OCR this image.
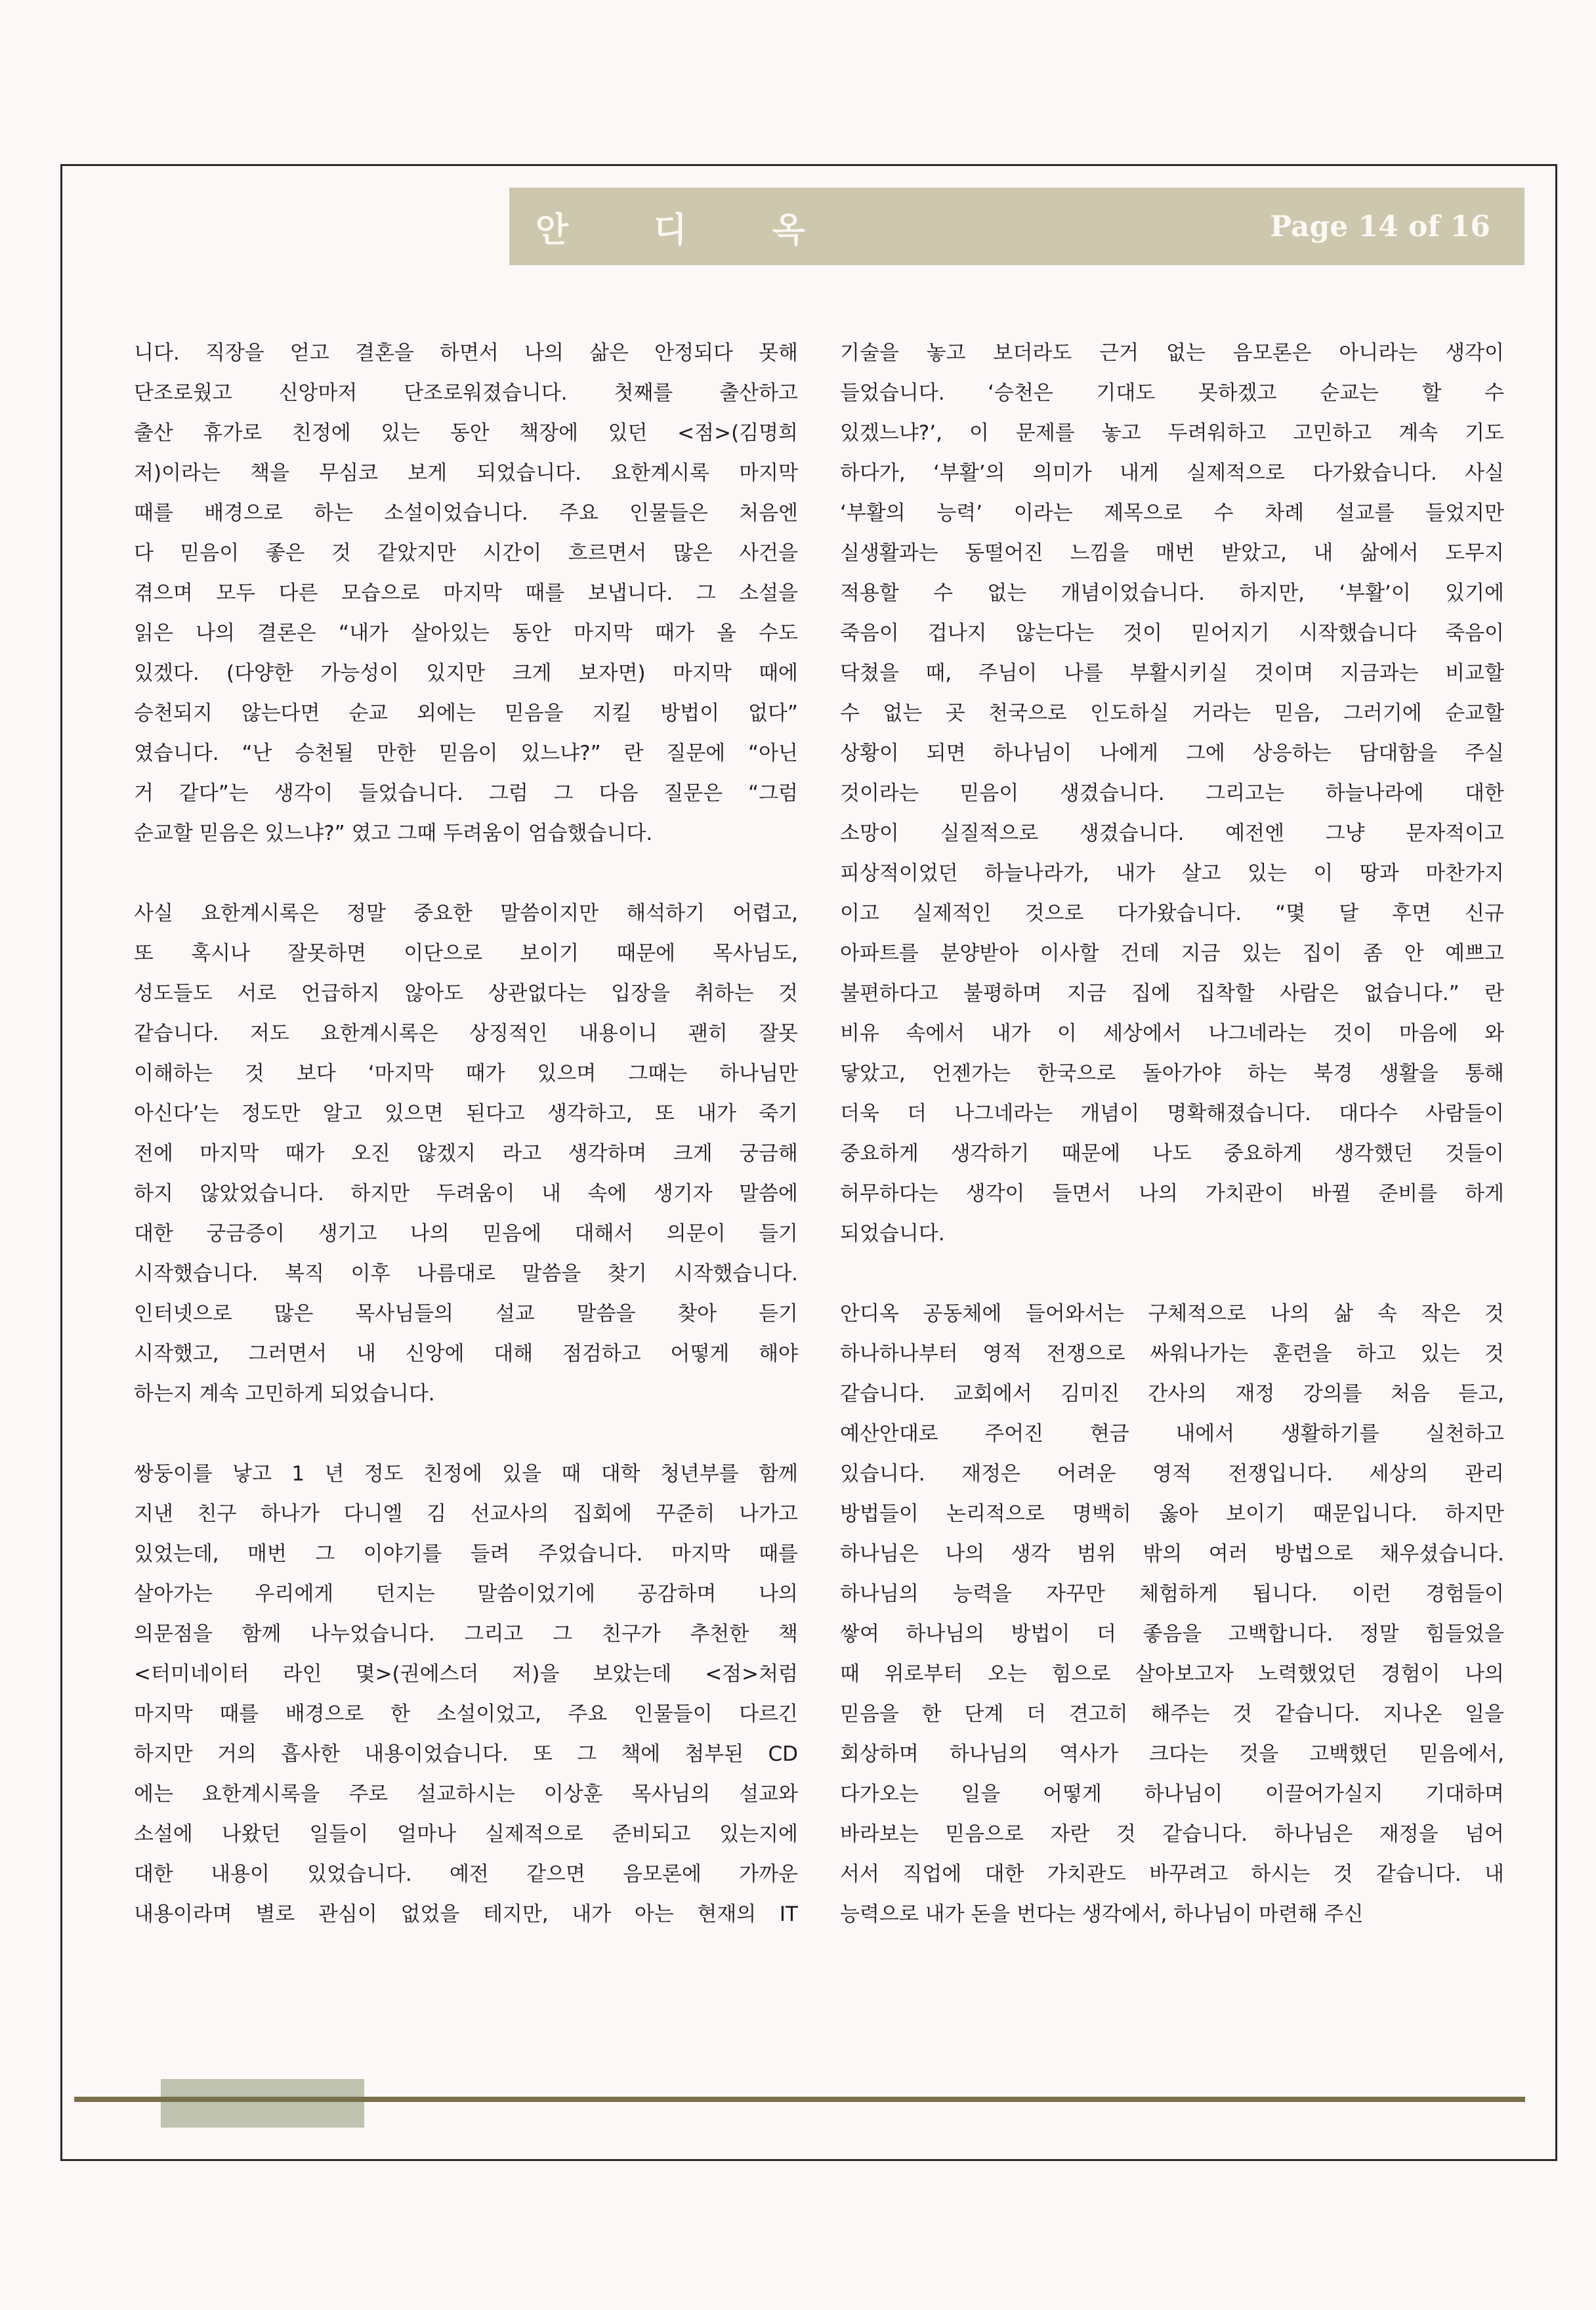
안	디	옥	Page 14 of 16
니다. 직장을 얻고 결혼을 하면서 나의 삶은 안정되다 못해
단조로웠고 신앙마저 단조로워졌습니다. 첫째를 출산하고
출산 휴가로 친정에 있는 동안 책장에 있던 <점>(김명희
저)이라는 책을 무심코 보게 되었습니다. 요한계시록 마지막
때를 배경으로 하는 소설이었습니다. 주요 인물들은 처음엔
다 믿음이 좋은 것 같았지만 시간이 흐르면서 많은 사건을
겪으며 모두 다른 모습으로 마지막 때를 보냅니다. 그 소설을
읽은 나의 결론은 “내가 살아있는 동안 마지막 때가 올 수도
있겠다. (다양한 가능성이 있지만 크게 보자면) 마지막 때에
승천되지 않는다면 순교 외에는 믿음을 지킬 방법이 없다”
였습니다. “난 승천될 만한 믿음이 있느냐?” 란 질문에 “아닌
거 같다”는 생각이 들었습니다. 그럼 그 다음 질문은 “그럼
순교할 믿음은 있느냐?” 였고 그때 두려움이 엄습했습니다.
사실 요한계시록은 정말 중요한 말씀이지만 해석하기 어렵고,
또 혹시나 잘못하면 이단으로 보이기 때문에 목사님도,
성도들도 서로 언급하지 않아도 상관없다는 입장을 취하는 것
같습니다. 저도 요한계시록은 상징적인 내용이니 괜히 잘못
이해하는 것 보다 ‘마지막 때가 있으며 그때는 하나님만
아신다’는 정도만 알고 있으면 된다고 생각하고, 또 내가 죽기
전에 마지막 때가 오진 않겠지 라고 생각하며 크게 궁금해
하지 않았었습니다. 하지만 두려움이 내 속에 생기자 말씀에
대한 궁금증이 생기고 나의 믿음에 대해서 의문이 들기
시작했습니다. 복직 이후 나름대로 말씀을 찾기 시작했습니다.
인터넷으로 많은 목사님들의 설교 말씀을 찾아 듣기
시작했고, 그러면서 내 신앙에 대해 점검하고 어떻게 해야
하는지 계속 고민하게 되었습니다.
쌍둥이를 낳고 1 년 정도 친정에 있을 때 대학 청년부를 함께
지낸 친구 하나가 다니엘 김 선교사의 집회에 꾸준히 나가고
있었는데, 매번 그 이야기를 들려 주었습니다. 마지막 때를
살아가는 우리에게 던지는 말씀이었기에 공감하며 나의
의문점을 함께 나누었습니다. 그리고 그 친구가 추천한 책
<터미네이터 라인 몇>(권에스더 저)을 보았는데 <점>처럼
마지막 때를 배경으로 한 소설이었고, 주요 인물들이 다르긴
하지만 거의 흡사한 내용이었습니다. 또 그 책에 첨부된 CD
에는 요한계시록을 주로 설교하시는 이상훈 목사님의 설교와
소설에 나왔던 일들이 얼마나 실제적으로 준비되고 있는지에
대한 내용이 있었습니다. 예전 같으면 음모론에 가까운
내용이라며 별로 관심이 없었을 테지만, 내가 아는 현재의 IT
기술을 놓고 보더라도 근거 없는 음모론은 아니라는 생각이
들었습니다. ‘승천은 기대도 못하겠고 순교는 할 수
있겠느냐?’, 이 문제를 놓고 두려워하고 고민하고 계속 기도
하다가, ‘부활’의 의미가 내게 실제적으로 다가왔습니다. 사실
‘부활의 능력’ 이라는 제목으로 수 차례 설교를 들었지만
실생활과는 동떨어진 느낌을 매번 받았고, 내 삶에서 도무지
적용할 수 없는 개념이었습니다. 하지만, ‘부활’이 있기에
죽음이 겁나지 않는다는 것이 믿어지기 시작했습니다 죽음이
닥쳤을 때, 주님이 나를 부활시키실 것이며 지금과는 비교할
수 없는 곳 천국으로 인도하실 거라는 믿음, 그러기에 순교할
상황이 되면 하나님이 나에게 그에 상응하는 담대함을 주실
것이라는 믿음이 생겼습니다. 그리고는 하늘나라에 대한
소망이 실질적으로 생겼습니다. 예전엔 그냥 문자적이고
피상적이었던 하늘나라가, 내가 살고 있는 이 땅과 마찬가지
이고 실제적인 것으로 다가왔습니다. “몇 달 후면 신규
아파트를 분양받아 이사할 건데 지금 있는 집이 좀 안 예쁘고
불편하다고 불평하며 지금 집에 집착할 사람은 없습니다.” 란
비유 속에서 내가 이 세상에서 나그네라는 것이 마음에 와
닿았고, 언젠가는 한국으로 돌아가야 하는 북경 생활을 통해
더욱 더 나그네라는 개념이 명확해졌습니다. 대다수 사람들이
중요하게 생각하기 때문에 나도 중요하게 생각했던 것들이
허무하다는 생각이 들면서 나의 가치관이 바뀔 준비를 하게
되었습니다.
안디옥 공동체에 들어와서는 구체적으로 나의 삶 속 작은 것
하나하나부터 영적 전쟁으로 싸워나가는 훈련을 하고 있는 것
같습니다. 교회에서 김미진 간사의 재정 강의를 처음 듣고,
예산안대로 주어진 현금 내에서 생활하기를 실천하고
있습니다. 재정은 어려운 영적 전쟁입니다. 세상의 관리
방법들이 논리적으로 명백히 옳아 보이기 때문입니다. 하지만
하나님은 나의 생각 범위 밖의 여러 방법으로 채우셨습니다.
하나님의 능력을 자꾸만 체험하게 됩니다. 이런 경험들이
쌓여 하나님의 방법이 더 좋음을 고백합니다. 정말 힘들었을
때 위로부터 오는 힘으로 살아보고자 노력했었던 경험이 나의
믿음을 한 단계 더 견고히 해주는 것 같습니다. 지나온 일을
회상하며 하나님의 역사가 크다는 것을 고백했던 믿음에서,
다가오는 일을 어떻게 하나님이 이끌어가실지 기대하며
바라보는 믿음으로 자란 것 같습니다. 하나님은 재정을 넘어
서서 직업에 대한 가치관도 바꾸려고 하시는 것 같습니다. 내
능력으로 내가 돈을 번다는 생각에서, 하나님이 마련해 주신
